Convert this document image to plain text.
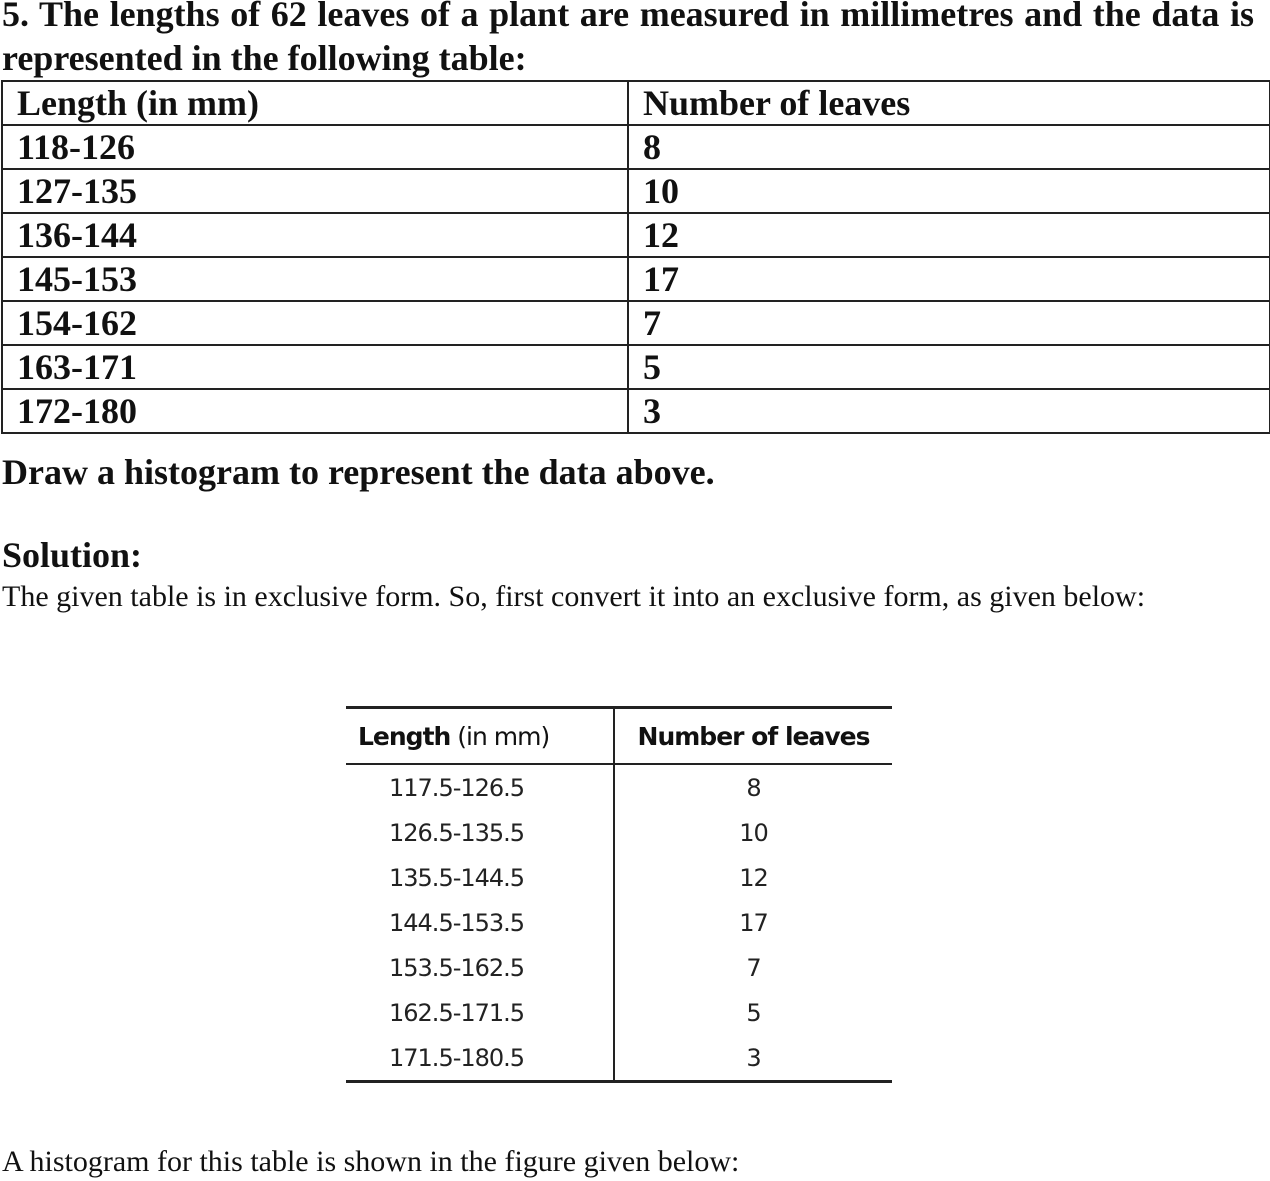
5. The lengths of 62 leaves of a plant are measured in millimetres and the data is represented in the following table:
Length (in mm)	Number of leaves
118-126	8
127-135	10
136-144	12
145-153	17
154-162	7
163-171	5
172-180	3
Draw a histogram to represent the data above.
Solution:
The given table is in exclusive form. So, first convert it into an exclusive form, as given below:
Length (in mm)	Number of leaves
117.5-126.5	8
126.5-135.5	10
135.5-144.5	12
144.5-153.5	17
153.5-162.5	7
162.5-171.5	5
171.5-180.5	3
A histogram for this table is shown in the figure given below:
